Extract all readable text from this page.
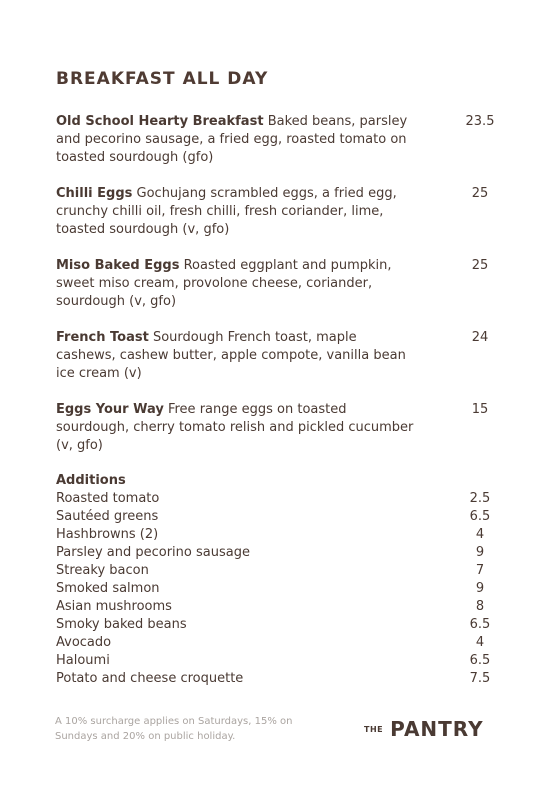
BREAKFAST ALL DAY
Old School Hearty Breakfast Baked beans, parsley and pecorino sausage, a fried egg, roasted tomato on toasted sourdough (gfo)
23.5
Chilli Eggs Gochujang scrambled eggs, a fried egg, crunchy chilli oil, fresh chilli, fresh coriander, lime, toasted sourdough (v, gfo)
25
Miso Baked Eggs Roasted eggplant and pumpkin, sweet miso cream, provolone cheese, coriander, sourdough (v, gfo)
25
French Toast Sourdough French toast, maple cashews, cashew butter, apple compote, vanilla bean ice cream (v)
24
Eggs Your Way Free range eggs on toasted sourdough, cherry tomato relish and pickled cucumber (v, gfo)
15
Additions
Roasted tomato	2.5
Sautéed greens	6.5
Hashbrowns (2)	4
Parsley and pecorino sausage	9
Streaky bacon	7
Smoked salmon	9
Asian mushrooms	8
Smoky baked beans	6.5
Avocado	4
Haloumi	6.5
Potato and cheese croquette	7.5
A 10% surcharge applies on Saturdays, 15% on Sundays and 20% on public holiday.
THE PANTRY
